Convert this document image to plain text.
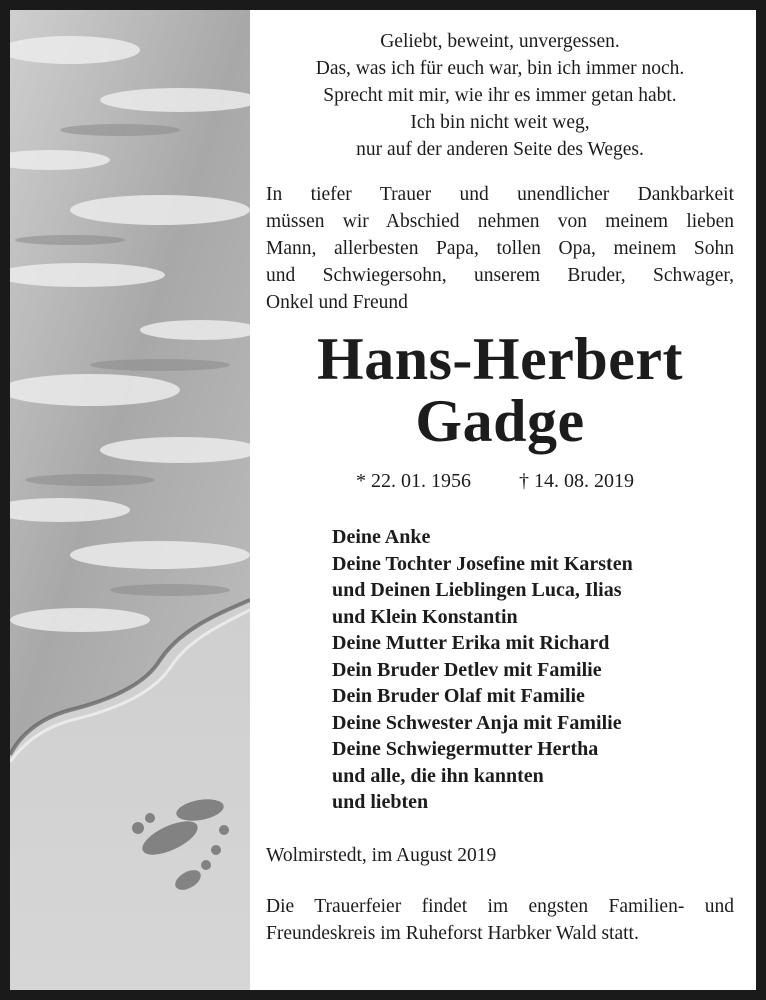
Geliebt, beweint, unvergessen.
Das, was ich für euch war, bin ich immer noch.
Sprecht mit mir, wie ihr es immer getan habt.
Ich bin nicht weit weg,
nur auf der anderen Seite des Weges.
In tiefer Trauer und unendlicher Dankbarkeit
müssen wir Abschied nehmen von meinem lieben
Mann, allerbesten Papa, tollen Opa, meinem Sohn
und Schwiegersohn, unserem Bruder, Schwager,
Onkel und Freund
Hans-Herbert
Gadge
* 22. 01. 1956 † 14. 08. 2019
Deine Anke
Deine Tochter Josefine mit Karsten
und Deinen Lieblingen Luca, Ilias
und Klein Konstantin
Deine Mutter Erika mit Richard
Dein Bruder Detlev mit Familie
Dein Bruder Olaf mit Familie
Deine Schwester Anja mit Familie
Deine Schwiegermutter Hertha
und alle, die ihn kannten
und liebten
Wolmirstedt, im August 2019
Die Trauerfeier findet im engsten Familien- und
Freundeskreis im Ruheforst Harbker Wald statt.
